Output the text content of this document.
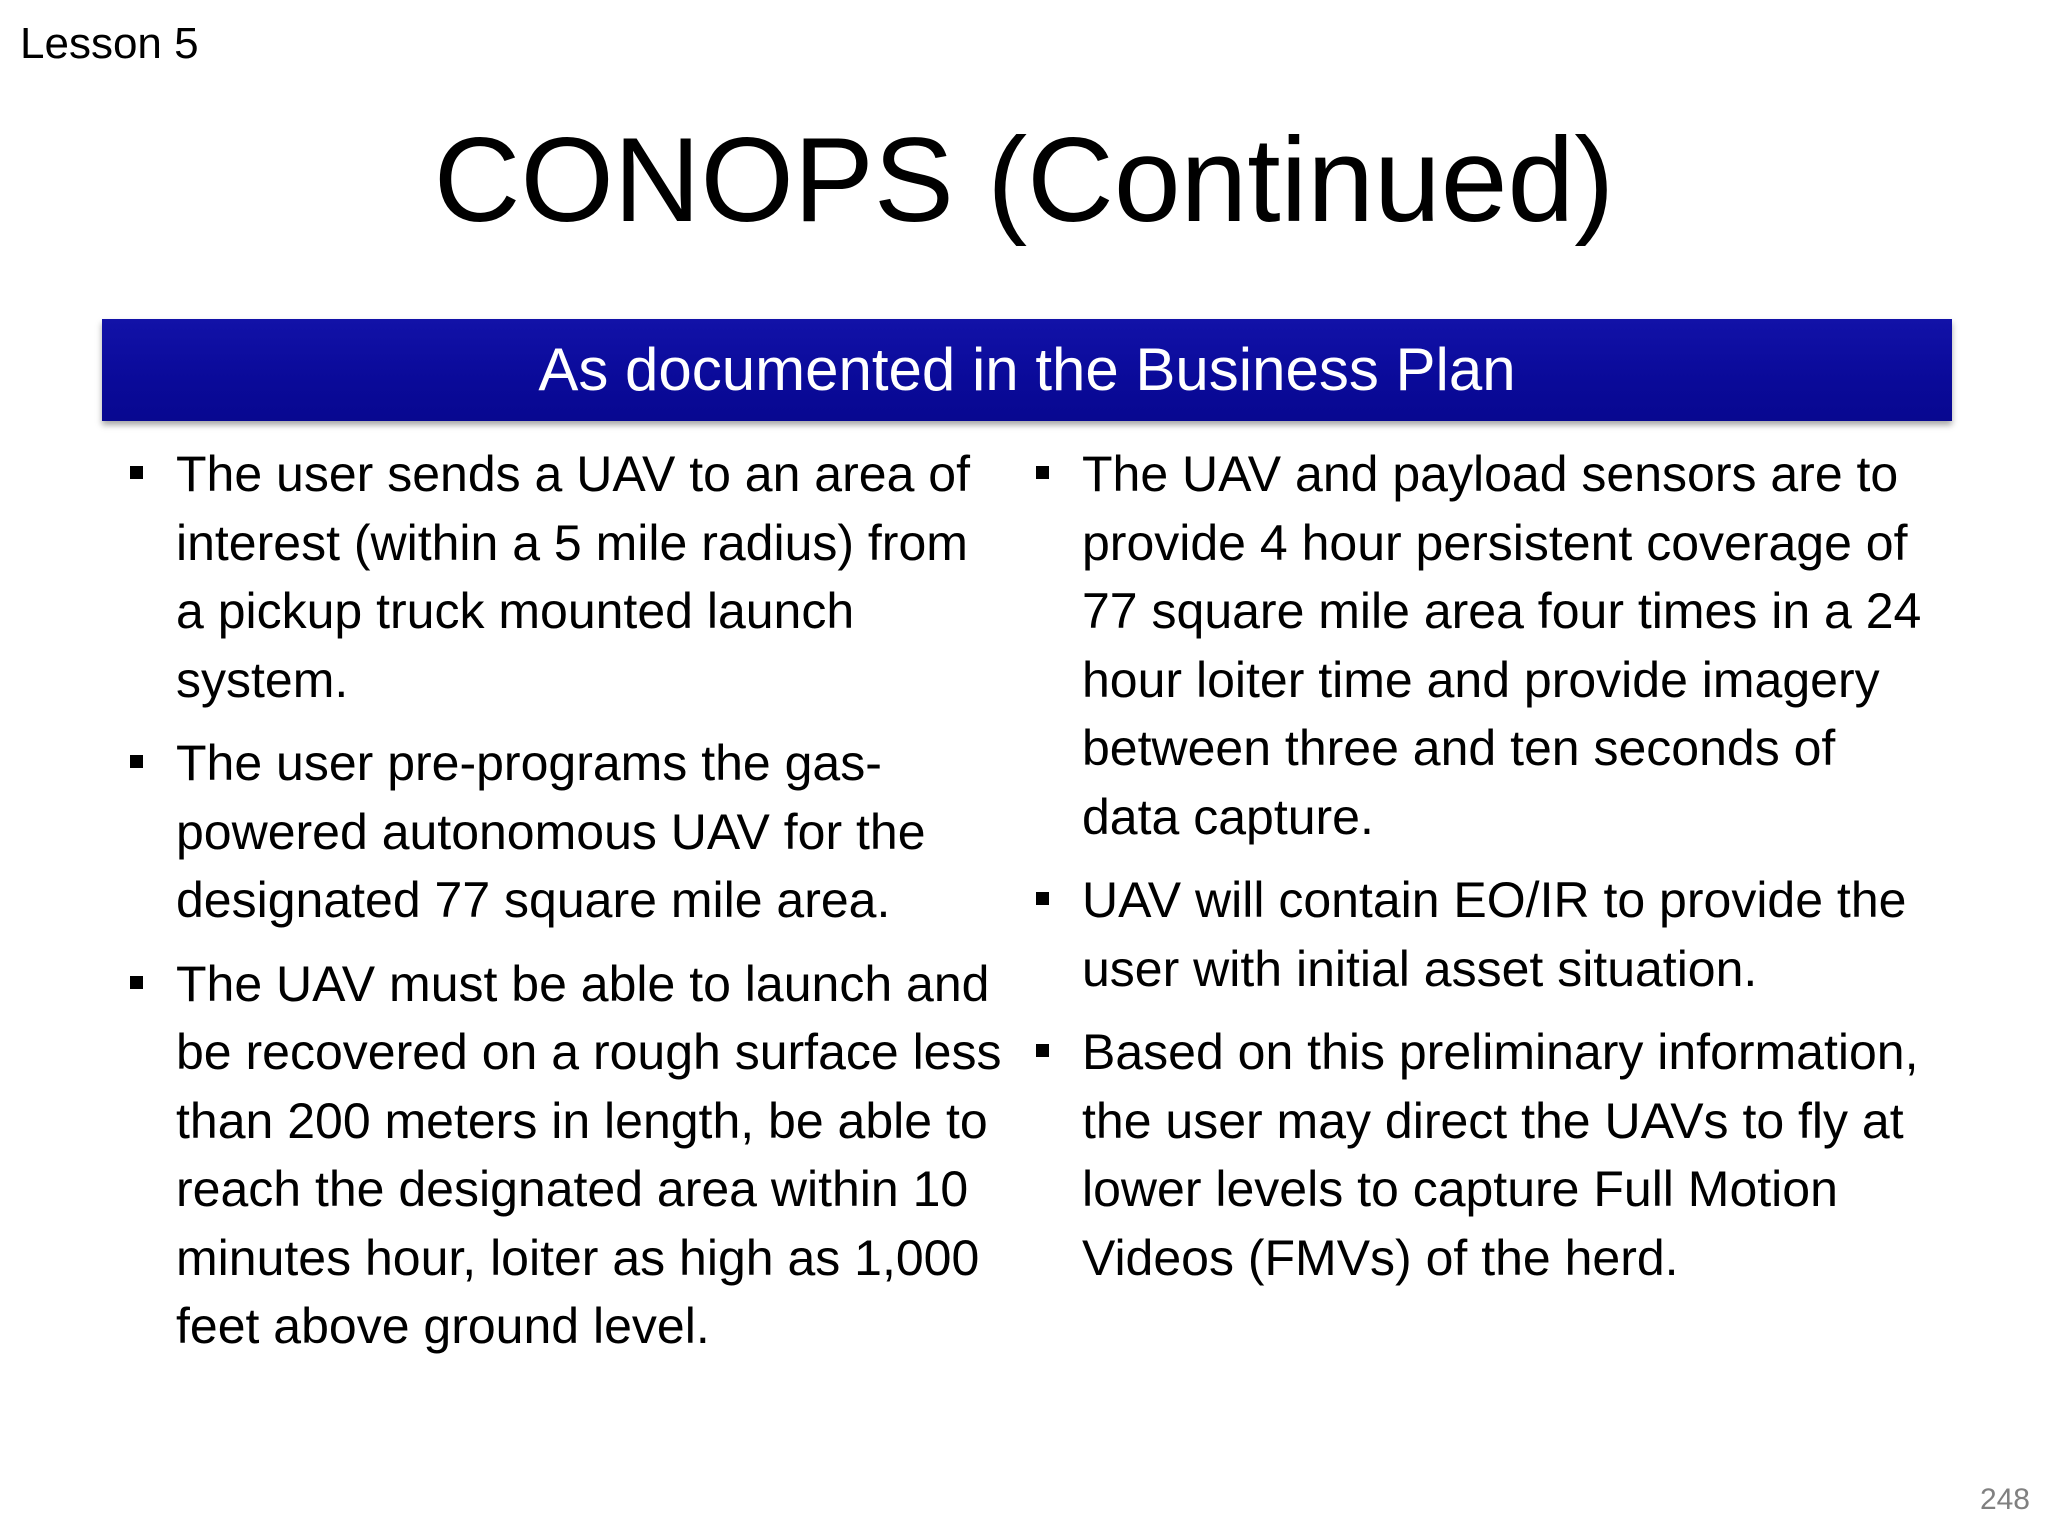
Lesson 5
CONOPS (Continued)
As documented in the Business Plan
The user sends a UAV to an area of interest (within a 5 mile radius) from a pickup truck mounted launch system.
The user pre-programs the gas-powered autonomous UAV for the designated 77 square mile area.
The UAV must be able to launch and be recovered on a rough surface less than 200 meters in length, be able to reach the designated area within 10 minutes hour, loiter as high as 1,000 feet above ground level.
The UAV and payload sensors are to provide 4 hour persistent coverage of 77 square mile area four times in a 24 hour loiter time and provide imagery between three and ten seconds of data capture.
UAV will contain EO/IR to provide the user with initial asset situation.
Based on this preliminary information, the user may direct the UAVs to fly at lower levels to capture Full Motion Videos (FMVs) of the herd.
248
